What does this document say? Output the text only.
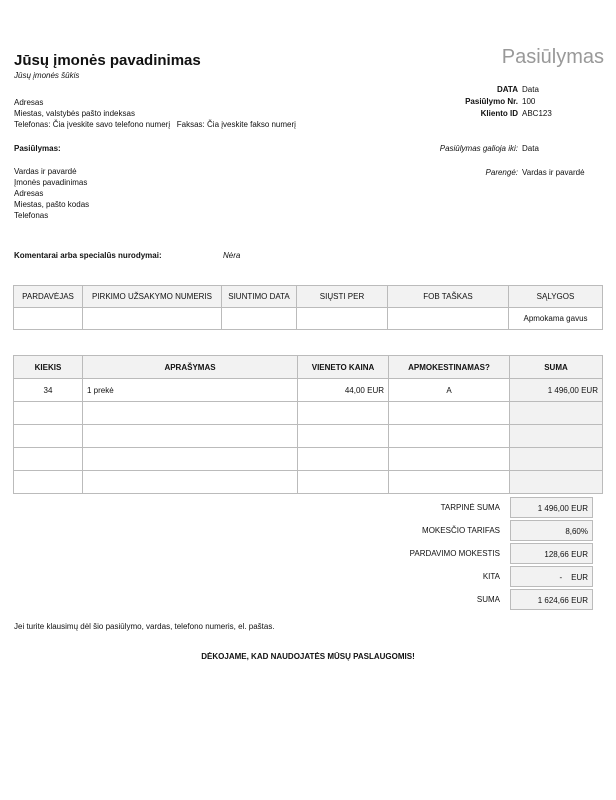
Jūsų įmonės pavadinimas
Jūsų įmonės šūkis
Pasiūlymas
Adresas
Miestas, valstybės pašto indeksas
Telefonas: Čia įveskite savo telefono numerį Faksas: Čia įveskite fakso numerį
DATA Data
Pasiūlymo Nr. 100
Kliento ID ABC123
Pasiūlymas:	Pasiūlymas galioja iki: Data
Parengė: Vardas ir pavardė
Vardas ir pavardė
Įmonės pavadinimas
Adresas
Miestas, pašto kodas
Telefonas
Komentarai arba specialūs nurodymai:	Nėra
PARDAVĖJAS	PIRKIMO UŽSAKYMO NUMERIS	SIUNTIMO DATA	SIŲSTI PER	FOB TAŠKAS	SĄLYGOS
					Apmokama gavus
KIEKIS	APRAŠYMAS	VIENETO KAINA	APMOKESTINAMAS?	SUMA
34	1 prekė	44,00 EUR	A	1 496,00 EUR

TARPINĖ SUMA	1 496,00 EUR
MOKESČIO TARIFAS	8,60%
PARDAVIMO MOKESTIS	128,66 EUR
KITA	-    EUR
SUMA	1 624,66 EUR
Jei turite klausimų dėl šio pasiūlymo, vardas, telefono numeris, el. paštas.
DĖKOJAME, KAD NAUDOJATĖS MŪSŲ PASLAUGOMIS!
